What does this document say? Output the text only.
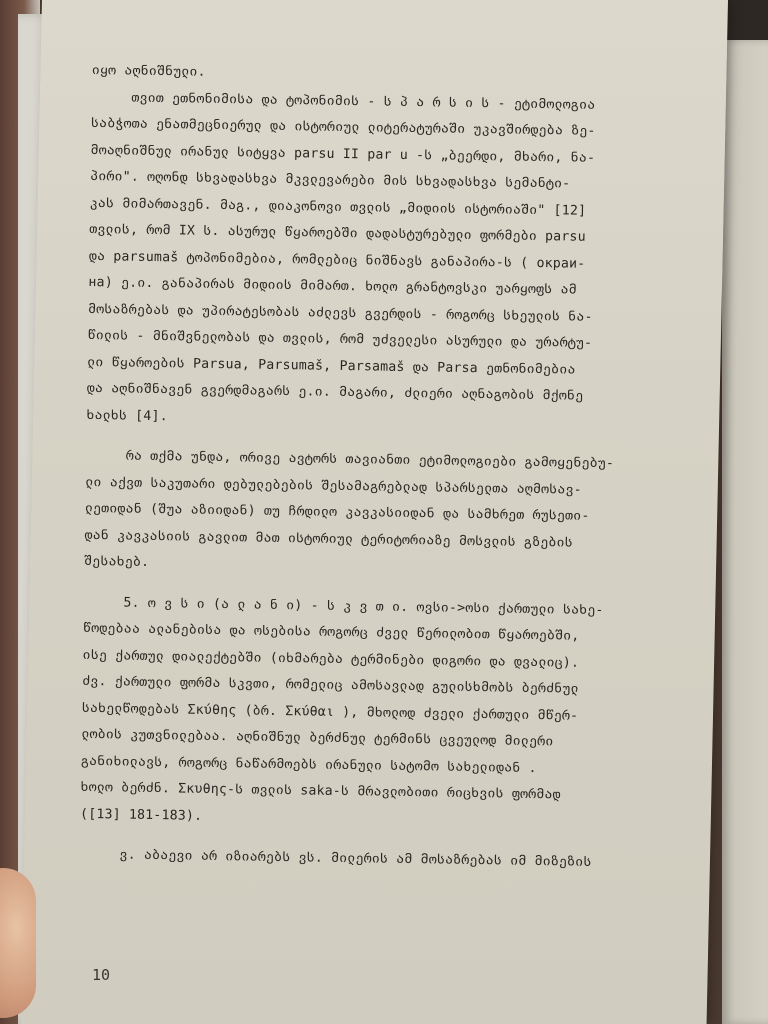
იყო აღნიშნული.
თვით ეთნონიმისა და ტოპონიმის - ს პ ა რ ს ი ს - ეტიმოლოგია
საბჭოთა ენათმეცნიერულ და ისტორიულ ლიტერატურაში უკავშირდება ზე-
მოაღნიშნულ ირანულ სიტყვა parsu II par u -ს „ბეერდი, მხარი, ნა-
პირი". ოღონდ სხვადასხვა მკვლევარები მის სხვადასხვა სემანტი-
კას მიმართავენ. მაგ., დიაკონოვი თვლის „მიდიის ისტორიაში" [12]
თვლის, რომ IX ს. ასურულ წყაროებში დადასტურებული ფორმები parsu
და parsumaš ტოპონიმებია, რომლებიც ნიშნავს განაპირა-ს ( окраи-
на) ე.ი. განაპირას მიდიის მიმართ. ხოლო გრანტოვსკი უარყოფს ამ
მოსაზრებას და უპირატესობას აძლევს გვერდის - როგორც სხეულის ნა-
წილის - მნიშვნელობას და თვლის, რომ უძველესი ასურული და ურარტუ-
ლი წყაროების Parsua, Parsumaš, Parsamaš და Parsa ეთნონიმებია
და აღნიშნავენ გვერდმაგარს ე.ი. მაგარი, ძლიერი აღნაგობის მქონე
ხალხს [4].
რა თქმა უნდა, ორივე ავტორს თავიანთი ეტიმოლოგიები გამოყენებუ-
ლი აქვთ საკუთარი დებულებების შესამაგრებლად სპარსელთა აღმოსავ-
ლეთიდან (შუა აზიიდან) თუ ჩრდილო კავკასიიდან და სამხრეთ რუსეთი-
დან კავკასიის გავლით მათ ისტორიულ ტერიტორიაზე მოსვლის გზების
შესახებ.
5. ო ვ ს ი (ა ლ ა ნ ი) - ს კ ვ თ ი. ოვსი->ოსი ქართული სახე-
წოდებაა ალანებისა და ოსებისა როგორც ძველ წერილობით წყაროებში,
ისე ქართულ დიალექტებში (იხმარება ტერმინები დიგორი და დვალიც).
ძვ. ქართული ფორმა სკვთი, რომელიც ამოსავლად გულისხმობს ბერძნულ
სახელწოდებას Σκύθης (ბრ. Σκύθαι ), მხოლოდ ძველი ქართული მწერ-
ლობის კუთვნილებაა. აღნიშნულ ბერძნულ ტერმინს ცვეულოდ მილერი
განიხილავს, როგორც ნაწარმოებს ირანული სატომო სახელიდან .
ხოლო ბერძნ. Σκυθης-ს თვლის saka-ს მრავლობითი რიცხვის ფორმად
([13] 181-183).
ვ. აბაევი არ იზიარებს ვს. მილერის ამ მოსაზრებას იმ მიზეზის
10
